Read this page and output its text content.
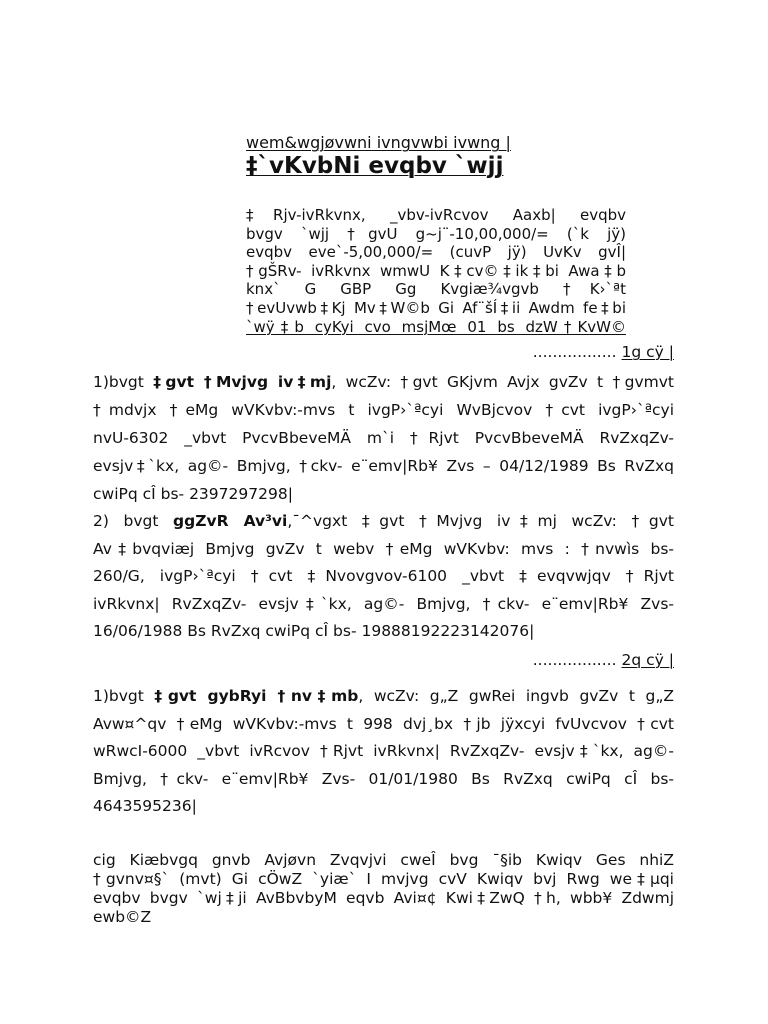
wem&wgjøvwni ivngvwbi ivwng |
‡`vKvbNi evqbv `wjj
‡Rjv-ivRkvnx, _vbv-ivRcvov Aaxb| evqbv
bvgv `wjj †gvU g~j¨-10,00,000/= (`k jÿ)
evqbv eve`-5,00,000/= (cuvP jÿ) UvKv gvÎ|
†gŠRv- ivRkvnx wmwU K‡cv©‡ik‡bi Awa‡b
knx` G GBP Gg Kvgiæ¾vgvb †K›`ªt
†evUvwb‡Kj Mv‡W©b Gi Af¨šÍ‡ii Awdm fe‡bi
`wÿ‡b cyKyi cvo msjMœ 01 bs dzW†KvW©
................. 1g cÿ |
1)bvgt ‡gvt †Mvjvg iv‡mj, wcZv: †gvt GKjvm Avjx gvZv t †gvmvt
†mdvjx †eMg wVKvbv:-mvs t ivgP›`ªcyi WvBjcvov †cvt ivgP›`ªcyi
nvU-6302 _vbvt PvcvBbeveMÄ m`i †Rjvt PvcvBbeveMÄ RvZxqZv-
evsjv‡`kx, ag©- Bmjvg, †ckv- e¨emv|Rb¥ Zvs – 04/12/1989 Bs RvZxq
cwiPq cÎ bs- 2397297298|
2) bvgt ggZvR Av³vi,¯^vgxt ‡gvt †Mvjvg iv‡mj wcZv: †gvt
Av‡bvqviæj Bmjvg gvZv t webv †eMg wVKvbv: mvs : †nvwìs bs-
260/G, ivgP›`ªcyi †cvt ‡Nvovgvov-6100 _vbvt ‡evqvwjqv †Rjvt
ivRkvnx| RvZxqZv- evsjv‡`kx, ag©- Bmjvg, †ckv- e¨emv|Rb¥ Zvs-
16/06/1988 Bs RvZxq cwiPq cÎ bs- 19888192223142076|
................. 2q cÿ |
1)bvgt ‡gvt gybRyi †nv‡mb, wcZv: g„Z gwRei ingvb gvZv t g„Z
Avw¤^qv †eMg wVKvbv:-mvs t 998 dvj¸bx †jb jÿxcyi fvUvcvov †cvt
wRwcI-6000 _vbvt ivRcvov †Rjvt ivRkvnx| RvZxqZv- evsjv‡`kx, ag©-
Bmjvg, †ckv- e¨emv|Rb¥ Zvs- 01/01/1980 Bs RvZxq cwiPq cÎ bs-
4643595236|
cig Kiæbvgq gnvb Avjøvn Zvqvjvi cweÎ bvg ¯§ib Kwiqv Ges nhiZ
†gvnv¤§` (mvt) Gi cÖwZ `yiæ` I mvjvg cvV Kwiqv bvj Rwg we‡µqi
evqbv bvgv `wj‡ji AvBbvbyM eqvb Avi¤¢ Kwi‡ZwQ †h, wbb¥ Zdwmj
ewb©Z
